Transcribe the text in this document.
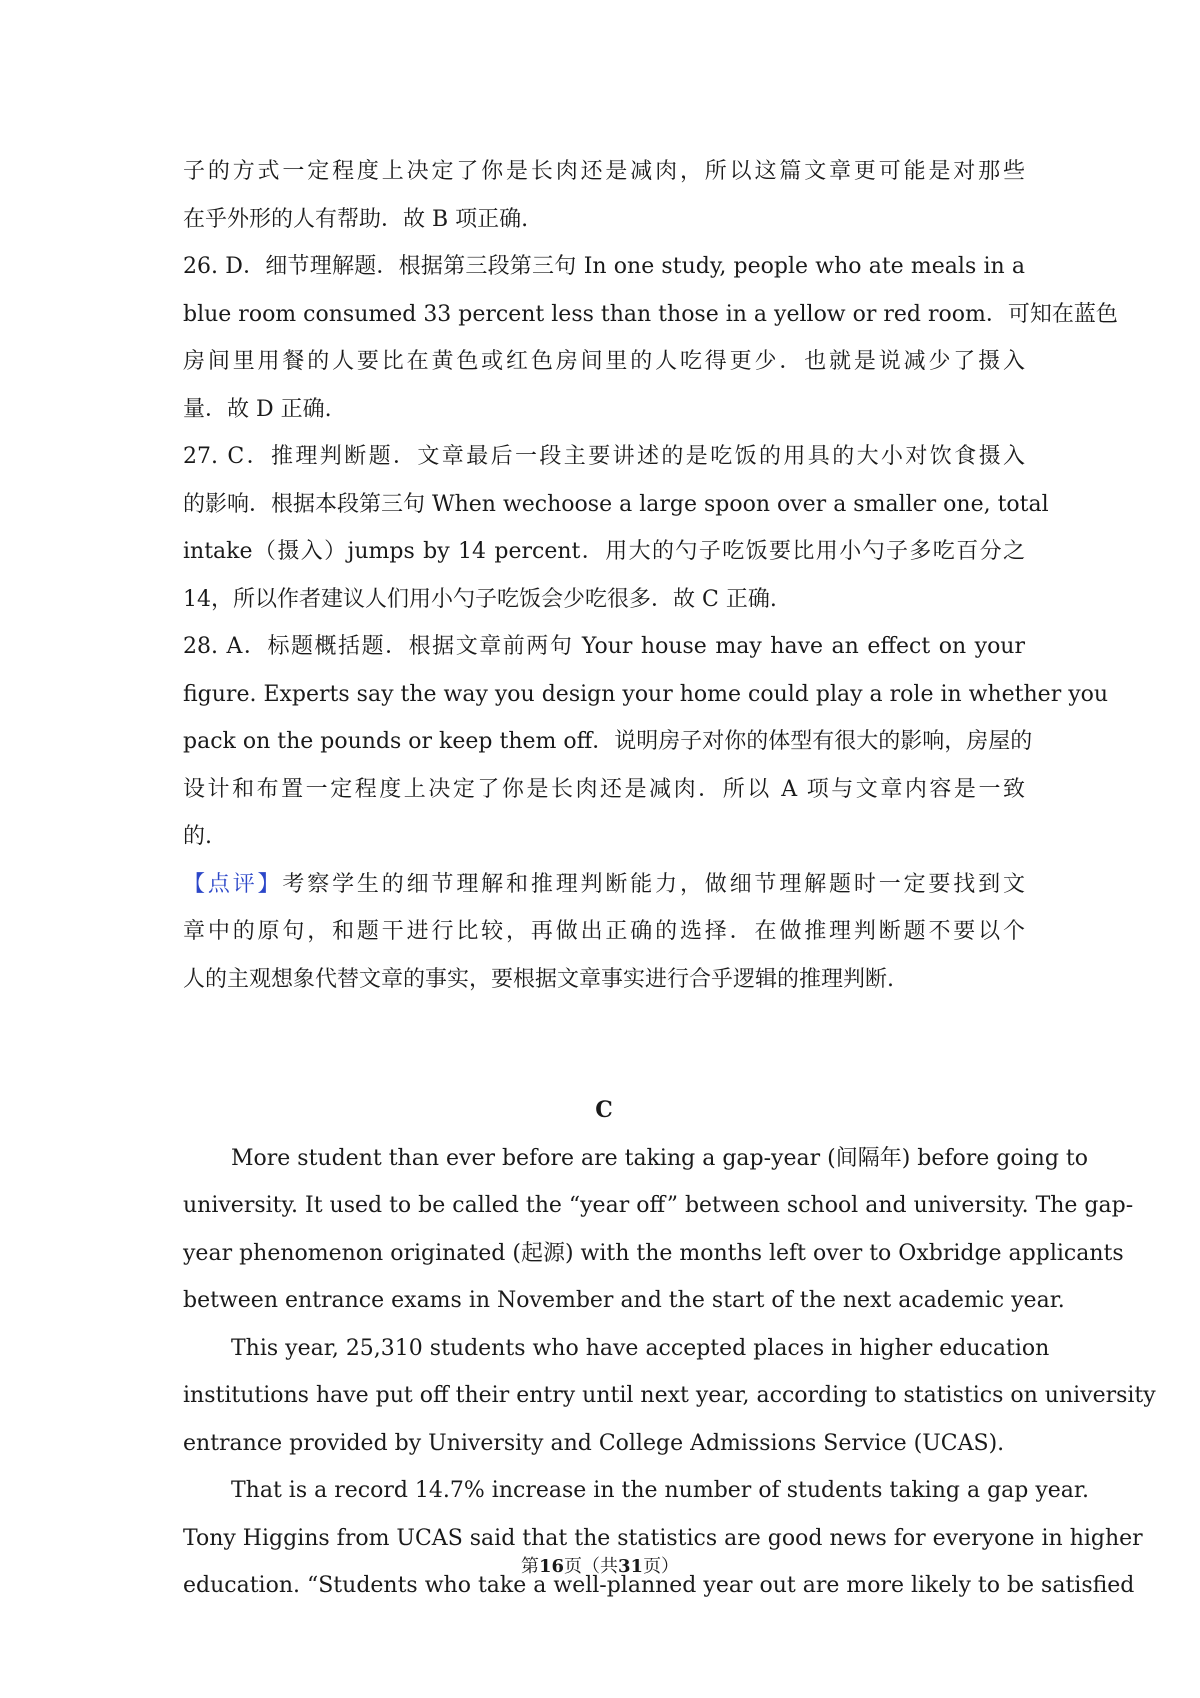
子的方式一定程度上决定了你是长肉还是减肉，所以这篇文章更可能是对那些
在乎外形的人有帮助．故 B 项正确.
26. D．细节理解题．根据第三段第三句 In one study, people who ate meals in a
blue room consumed 33 percent less than those in a yellow or red room．可知在蓝色
房间里用餐的人要比在黄色或红色房间里的人吃得更少．也就是说减少了摄入
量．故 D 正确.
27. C．推理判断题．文章最后一段主要讲述的是吃饭的用具的大小对饮食摄入
的影响．根据本段第三句 When wechoose a large spoon over a smaller one, total
intake（摄入）jumps by 14 percent．用大的勺子吃饭要比用小勺子多吃百分之
14，所以作者建议人们用小勺子吃饭会少吃很多．故 C 正确.
28. A．标题概括题．根据文章前两句 Your house may have an effect on your
figure. Experts say the way you design your home could play a role in whether you
pack on the pounds or keep them off．说明房子对你的体型有很大的影响，房屋的
设计和布置一定程度上决定了你是长肉还是减肉．所以 A 项与文章内容是一致
的.
【点评】考察学生的细节理解和推理判断能力，做细节理解题时一定要找到文
章中的原句，和题干进行比较，再做出正确的选择．在做推理判断题不要以个
人的主观想象代替文章的事实，要根据文章事实进行合乎逻辑的推理判断.
C
More student than ever before are taking a gap-year (间隔年) before going to
university. It used to be called the “year off” between school and university. The gap-
year phenomenon originated (起源) with the months left over to Oxbridge applicants
between entrance exams in November and the start of the next academic year.
This year, 25,310 students who have accepted places in higher education
institutions have put off their entry until next year, according to statistics on university
entrance provided by University and College Admissions Service (UCAS).
That is a record 14.7% increase in the number of students taking a gap year.
Tony Higgins from UCAS said that the statistics are good news for everyone in higher
education. “Students who take a well-planned year out are more likely to be satisfied
第16页（共31页）
